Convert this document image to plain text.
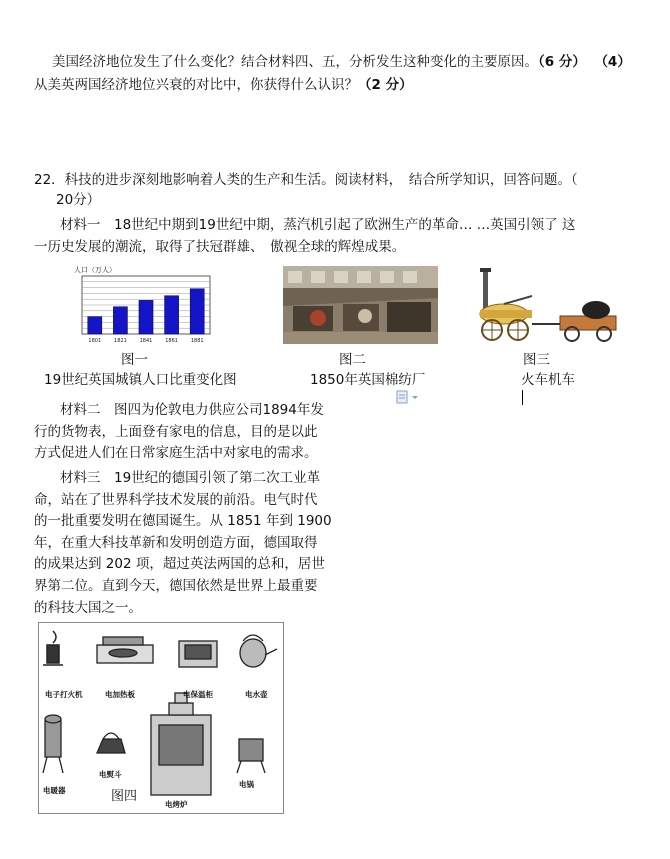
美国经济地位发生了什么变化？结合材料四、五，分析发生这种变化的主要原因。（6 分） （4）
从美英两国经济地位兴衰的对比中，你获得什么认识？（2 分）
22．科技的进步深刻地影响着人类的生产和生活。阅读材料，　结合所学知识，回答问题。（
20分）
材料一　18世纪中期到19世纪中期，蒸汽机引起了欧洲生产的革命… …英国引领了 这
一历史发展的潮流，取得了扶冠群雄、　傲视全球的辉煌成果。
人口（万人）
1801	1821	1841	1861	1881
图一
19世纪英国城镇人口比重变化图
图二
1850年英国棉纺厂
图三
火车机车
材料二　图四为伦敦电力供应公司1894年发
行的货物表，上面登有家电的信息，目的是以此
方式促进人们在日常家庭生活中对家电的需求。
材料三　19世纪的德国引领了第二次工业革
命，站在了世界科学技术发展的前沿。电气时代
的一批重要发明在德国诞生。从 1851 年到 1900
年，在重大科技革新和发明创造方面，德国取得
的成果达到 202 项，超过英法两国的总和，居世
界第二位。直到今天，德国依然是世界上最重要
的科技大国之一。
电子打火机	电加热板	电保温柜	电水壶
电暖器
电熨斗
电烤炉
电锅
图四
